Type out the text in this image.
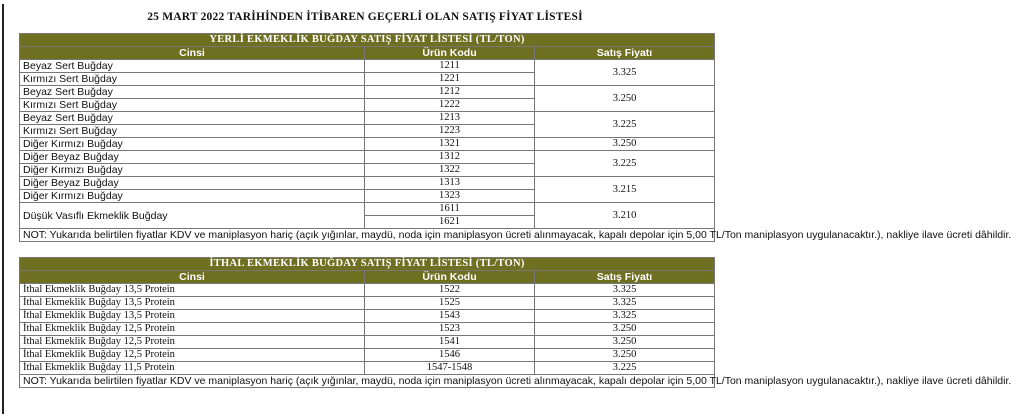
25 MART 2022 TARİHİNDEN İTİBAREN GEÇERLİ OLAN SATIŞ FİYAT LİSTESİ
YERLİ EKMEKLİK BUĞDAY SATIŞ FİYAT LİSTESİ (TL/TON)		
Cinsi	Ürün Kodu	Satış Fiyatı
Beyaz Sert Buğday	1211	3.325
Kırmızı Sert Buğday	1221	
Beyaz Sert Buğday	1212	3.250
Kırmızı Sert Buğday	1222	
Beyaz Sert Buğday	1213	3.225
Kırmızı Sert Buğday	1223	
Diğer Kırmızı Buğday	1321	3.250
Diğer Beyaz Buğday	1312	3.225
Diğer Kırmızı Buğday	1322	
Diğer Beyaz Buğday	1313	3.215
Diğer Kırmızı Buğday	1323	
Düşük Vasıflı Ekmeklik Buğday	1611	3.210
	1621	
NOT: Yukarıda belirtilen fiyatlar KDV ve maniplasyon hariç (açık yığınlar, maydü, noda için maniplasyon ücreti alınmayacak, kapalı depolar için 5,00 TL/Ton maniplasyon uygulanacaktır.), nakliye ilave ücreti dâhildir.		
İTHAL EKMEKLİK BUĞDAY SATIŞ FİYAT LİSTESİ (TL/TON)		
Cinsi	Ürün Kodu	Satış Fiyatı
İthal Ekmeklik Buğday 13,5 Protein	1522	3.325
İthal Ekmeklik Buğday 13,5 Protein	1525	3.325
İthal Ekmeklik Buğday 13,5 Protein	1543	3.325
İthal Ekmeklik Buğday 12,5 Protein	1523	3.250
İthal Ekmeklik Buğday 12,5 Protein	1541	3.250
İthal Ekmeklik Buğday 12,5 Protein	1546	3.250
İthal Ekmeklik Buğday 11,5 Protein	1547-1548	3.225
NOT: Yukarıda belirtilen fiyatlar KDV ve maniplasyon hariç (açık yığınlar, maydü, noda için maniplasyon ücreti alınmayacak, kapalı depolar için 5,00 TL/Ton maniplasyon uygulanacaktır.), nakliye ilave ücreti dâhildir.		
